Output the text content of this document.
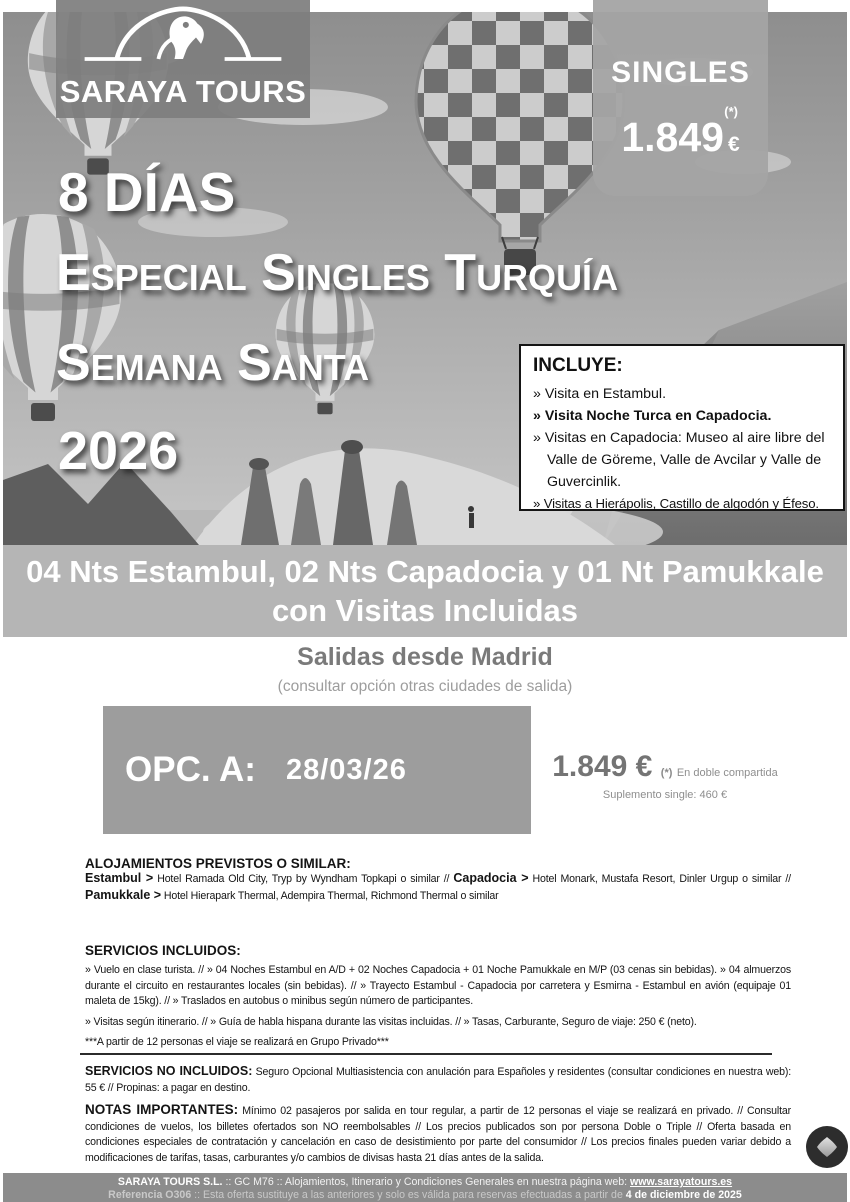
SARAYA TOURS
SINGLES
(*)
1.849 €
8 DÍAS
Especial Singles Turquía
Semana Santa
2026
INCLUYE:
» Visita en Estambul.
» Visita Noche Turca en Capadocia.
» Visitas en Capadocia: Museo al aire libre del Valle de Göreme, Valle de Avcilar y Valle de Guvercinlik.
» Visitas a Hierápolis, Castillo de algodón y Éfeso.
04 Nts Estambul, 02 Nts Capadocia y 01 Nt Pamukkale
con Visitas Incluidas
Salidas desde Madrid
(consultar opción otras ciudades de salida)
OPC. A: 28/03/26	1.849 € (*) En doble compartida
Suplemento single: 460 €
ALOJAMIENTOS PREVISTOS O SIMILAR:
Estambul > Hotel Ramada Old City, Tryp by Wyndham Topkapi o similar // Capadocia > Hotel Monark, Mustafa Resort, Dinler Urgup o similar // Pamukkale > Hotel Hierapark Thermal, Adempira Thermal, Richmond Thermal o similar
SERVICIOS INCLUIDOS:
» Vuelo en clase turista. // » 04 Noches Estambul en A/D + 02 Noches Capadocia + 01 Noche Pamukkale en M/P (03 cenas sin bebidas). » 04 almuerzos durante el circuito en restaurantes locales (sin bebidas). // » Trayecto Estambul - Capadocia por carretera y Esmirna - Estambul en avión (equipaje 01 maleta de 15kg). // » Traslados en autobus o minibus según número de participantes.
» Visitas según itinerario. // » Guía de habla hispana durante las visitas incluidas. // » Tasas, Carburante, Seguro de viaje: 250 € (neto).
***A partir de 12 personas el viaje se realizará en Grupo Privado***
SERVICIOS NO INCLUIDOS: Seguro Opcional Multiasistencia con anulación para Españoles y residentes (consultar condiciones en nuestra web): 55 € // Propinas: a pagar en destino.
NOTAS IMPORTANTES: Mínimo 02 pasajeros por salida en tour regular, a partir de 12 personas el viaje se realizará en privado. // Consultar condiciones de vuelos, los billetes ofertados son NO reembolsables // Los precios publicados son por persona Doble o Triple // Oferta basada en condiciones especiales de contratación y cancelación en caso de desistimiento por parte del consumidor // Los precios finales pueden variar debido a modificaciones de tarifas, tasas, carburantes y/o cambios de divisas hasta 21 días antes de la salida.
SARAYA TOURS S.L. :: GC M76 :: Alojamientos, Itinerario y Condiciones Generales en nuestra página web: www.sarayatours.es
Referencia O306 :: Esta oferta sustituye a las anteriores y solo es válida para reservas efectuadas a partir de 4 de diciembre de 2025
